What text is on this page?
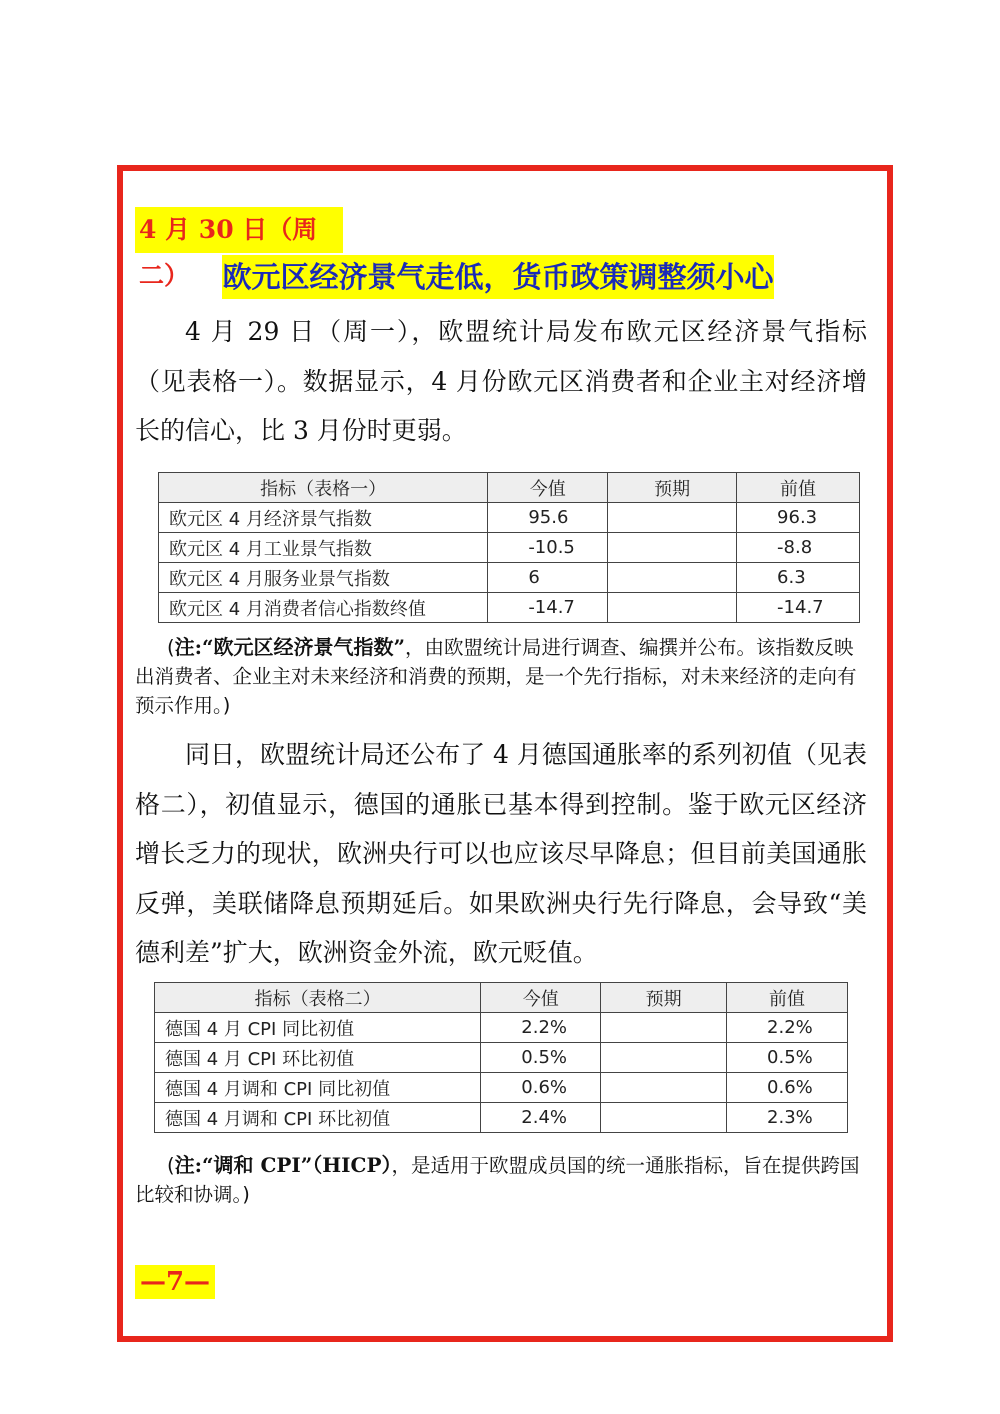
4 月 30 日（周二）	欧元区经济景气走低，货币政策调整须小心

4 月 29 日（周一），欧盟统计局发布欧元区经济景气指标（见表格一）。数据显示，4 月份欧元区消费者和企业主对经济增长的信心，比 3 月份时更弱。

指标（表格一）	今值	预期	前值
欧元区 4 月经济景气指数	95.6		96.3
欧元区 4 月工业景气指数	-10.5		-8.8
欧元区 4 月服务业景气指数	6		6.3
欧元区 4 月消费者信心指数终值	-14.7		-14.7

(注:“欧元区经济景气指数”，由欧盟统计局进行调查、编撰并公布。该指数反映出消费者、企业主对未来经济和消费的预期，是一个先行指标，对未来经济的走向有预示作用。)

同日，欧盟统计局还公布了 4 月德国通胀率的系列初值（见表格二），初值显示，德国的通胀已基本得到控制。鉴于欧元区经济增长乏力的现状，欧洲央行可以也应该尽早降息；但目前美国通胀反弹，美联储降息预期延后。如果欧洲央行先行降息，会导致“美德利差”扩大，欧洲资金外流，欧元贬值。

指标（表格二）	今值	预期	前值
德国 4 月 CPI 同比初值	2.2%		2.2%
德国 4 月 CPI 环比初值	0.5%		0.5%
德国 4 月调和 CPI 同比初值	0.6%		0.6%
德国 4 月调和 CPI 环比初值	2.4%		2.3%

(注:“调和 CPI”（HICP），是适用于欧盟成员国的统一通胀指标，旨在提供跨国比较和协调。)

—7—
